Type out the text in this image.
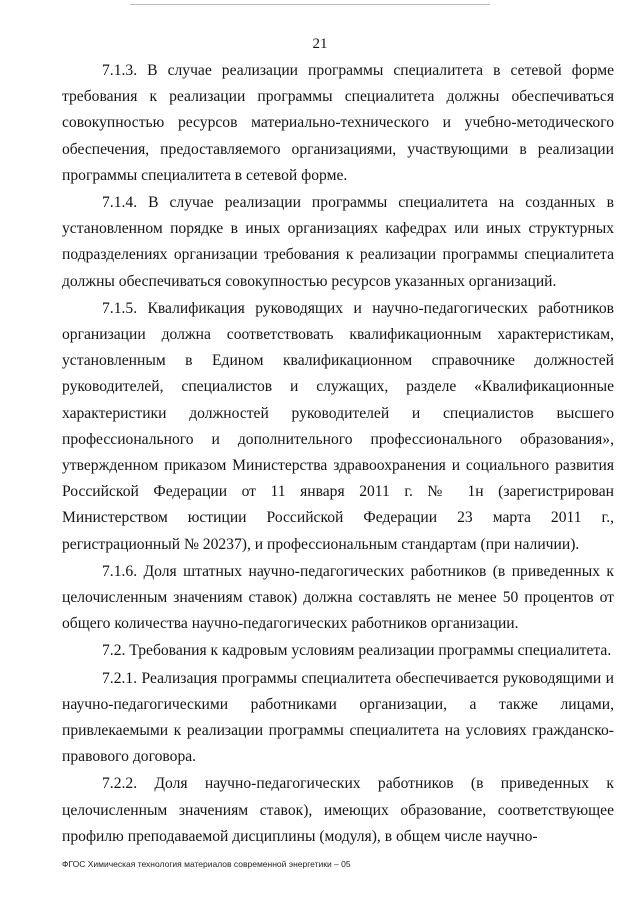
21

7.1.3. В случае реализации программы специалитета в сетевой форме требования к реализации программы специалитета должны обеспечиваться совокупностью ресурсов материально-технического и учебно-методического обеспечения, предоставляемого организациями, участвующими в реализации программы специалитета в сетевой форме.

7.1.4. В случае реализации программы специалитета на созданных в установленном порядке в иных организациях кафедрах или иных структурных подразделениях организации требования к реализации программы специалитета должны обеспечиваться совокупностью ресурсов указанных организаций.

7.1.5. Квалификация руководящих и научно-педагогических работников организации должна соответствовать квалификационным характеристикам, установленным в Едином квалификационном справочнике должностей руководителей, специалистов и служащих, разделе «Квалификационные характеристики должностей руководителей и специалистов высшего профессионального и дополнительного профессионального образования», утвержденном приказом Министерства здравоохранения и социального развития Российской Федерации от 11 января 2011 г. № 1н (зарегистрирован Министерством юстиции Российской Федерации 23 марта 2011 г., регистрационный № 20237), и профессиональным стандартам (при наличии).

7.1.6. Доля штатных научно-педагогических работников (в приведенных к целочисленным значениям ставок) должна составлять не менее 50 процентов от общего количества научно-педагогических работников организации.

7.2. Требования к кадровым условиям реализации программы специалитета.

7.2.1. Реализация программы специалитета обеспечивается руководящими и научно-педагогическими работниками организации, а также лицами, привлекаемыми к реализации программы специалитета на условиях гражданско-правового договора.

7.2.2. Доля научно-педагогических работников (в приведенных к целочисленным значениям ставок), имеющих образование, соответствующее профилю преподаваемой дисциплины (модуля), в общем числе научно-

ФГОС Химическая технология материалов современной энергетики – 05
